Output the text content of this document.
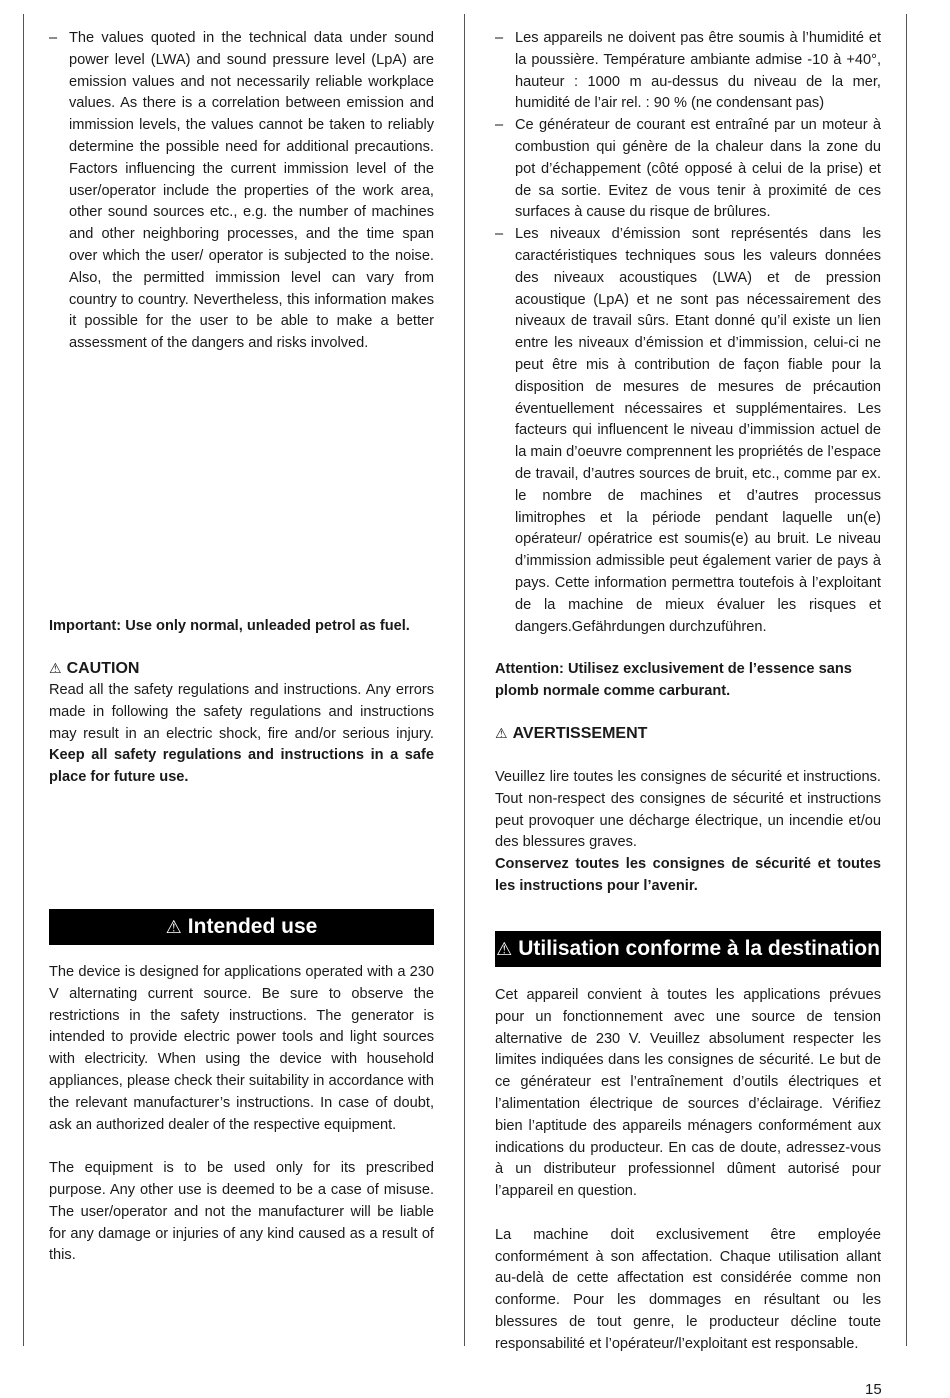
– The values quoted in the technical data under sound power level (LWA) and sound pressure level (LpA) are emission values and not necessarily reliable workplace values. As there is a correlation between emission and immission levels, the values cannot be taken to reliably determine the possible need for additional precautions. Factors influencing the current immission level of the user/operator include the properties of the work area, other sound sources etc., e.g. the number of machines and other neighboring processes, and the time span over which the user/ operator is subjected to the noise. Also, the permitted immission level can vary from country to country. Nevertheless, this information makes it possible for the user to be able to make a better assessment of the dangers and risks involved.

Important: Use only normal, unleaded petrol as fuel.

⚠ CAUTION

Read all the safety regulations and instructions. Any errors made in following the safety regulations and instructions may result in an electric shock, fire and/or serious injury. Keep all safety regulations and instructions in a safe place for future use.

⚠ Intended use

The device is designed for applications operated with a 230 V alternating current source. Be sure to observe the restrictions in the safety instructions. The generator is intended to provide electric power tools and light sources with electricity. When using the device with household appliances, please check their suitability in accordance with the relevant manufacturer’s instructions. In case of doubt, ask an authorized dealer of the respective equipment.

The equipment is to be used only for its prescribed purpose. Any other use is deemed to be a case of misuse. The user/operator and not the manufacturer will be liable for any damage or injuries of any kind caused as a result of this.

– Les appareils ne doivent pas être soumis à l’humidité et la poussière. Température ambiante admise -10 à +40°, hauteur : 1000 m au-dessus du niveau de la mer, humidité de l’air rel. : 90 % (ne condensant pas)

– Ce générateur de courant est entraîné par un moteur à combustion qui génère de la chaleur dans la zone du pot d’échappement (côté opposé à celui de la prise) et de sa sortie. Evitez de vous tenir à proximité de ces surfaces à cause du risque de brûlures.

– Les niveaux d’émission sont représentés dans les caractéristiques techniques sous les valeurs données des niveaux acoustiques (LWA) et de pression acoustique (LpA) et ne sont pas nécessairement des niveaux de travail sûrs. Etant donné qu’il existe un lien entre les niveaux d’émission et d’immission, celui-ci ne peut être mis à contribution de façon fiable pour la disposition de mesures de mesures de précaution éventuellement nécessaires et supplémentaires. Les facteurs qui influencent le niveau d’immission actuel de la main d’oeuvre comprennent les propriétés de l’espace de travail, d’autres sources de bruit, etc., comme par ex. le nombre de machines et d’autres processus limitrophes et la période pendant laquelle un(e) opérateur/ opératrice est soumis(e) au bruit. Le niveau d’immission admissible peut également varier de pays à pays. Cette information permettra toutefois à l’exploitant de la machine de mieux évaluer les risques et dangers.Gefährdungen durchzuführen.

Attention: Utilisez exclusivement de l’essence sans plomb normale comme carburant.

⚠ AVERTISSEMENT

Veuillez lire toutes les consignes de sécurité et instructions. Tout non-respect des consignes de sécurité et instructions peut provoquer une décharge électrique, un incendie et/ou des blessures graves.

Conservez toutes les consignes de sécurité et toutes les instructions pour l’avenir.

⚠ Utilisation conforme à la destination

Cet appareil convient à toutes les applications prévues pour un fonctionnement avec une source de tension alternative de 230 V. Veuillez absolument respecter les limites indiquées dans les consignes de sécurité. Le but de ce générateur est l’entraînement d’outils électriques et l’alimentation électrique de sources d’éclairage. Vérifiez bien l’aptitude des appareils ménagers conformément aux indications du producteur. En cas de doute, adressez-vous à un distributeur professionnel dûment autorisé pour l’appareil en question.

La machine doit exclusivement être employée conformément à son affectation. Chaque utilisation allant au-delà de cette affectation est considérée comme non conforme. Pour les dommages en résultant ou les blessures de tout genre, le producteur décline toute responsabilité et l’opérateur/l’exploitant est responsable.

15
